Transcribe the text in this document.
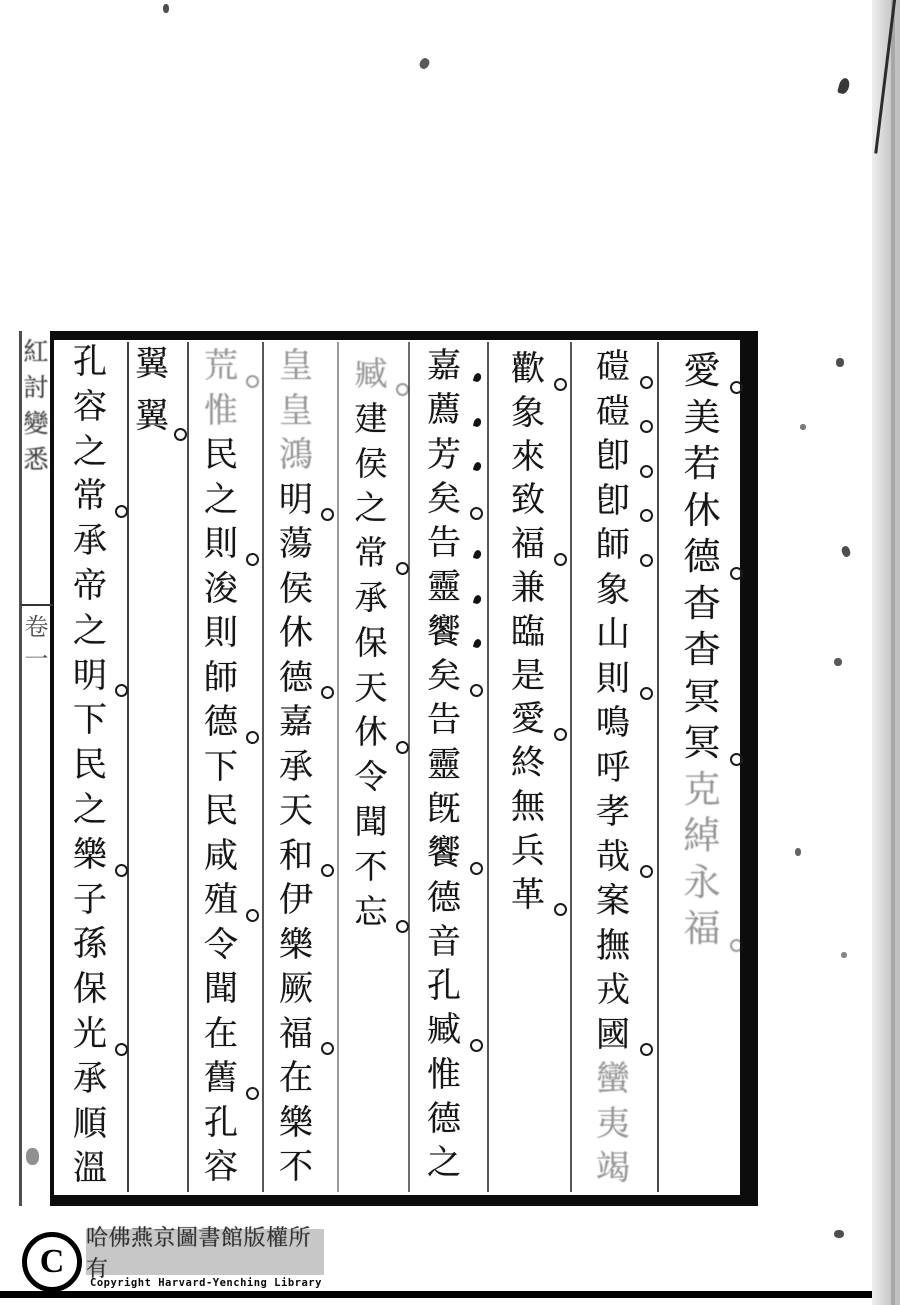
愛
美
若
休
德
杳
杳
冥
冥
克
綽
永
福
磑
磑
卽
卽
師
象
山
則
鳴
呼
孝
哉
案
撫
戎
國
蠻
夷
竭
歡
象
來
致
福
兼
臨
是
愛
終
無
兵
革
嘉
薦
芳
矣
告
靈
饗
矣
告
靈
旣
饗
德
音
孔
臧
惟
德
之
臧
建
侯
之
常
承
保
天
休
令
聞
不
忘
皇
皇
鴻
明
蕩
侯
休
德
嘉
承
天
和
伊
樂
厥
福
在
樂
不
荒
惟
民
之
則
浚
則
師
德
下
民
咸
殖
令
聞
在
舊
孔
容
翼
翼
孔
容
之
常
承
帝
之
明
下
民
之
樂
子
孫
保
光
承
順
溫
紅討變悉
卷一
C
哈佛燕京圖書館版權所有
Copyright Harvard-Yenching Library
